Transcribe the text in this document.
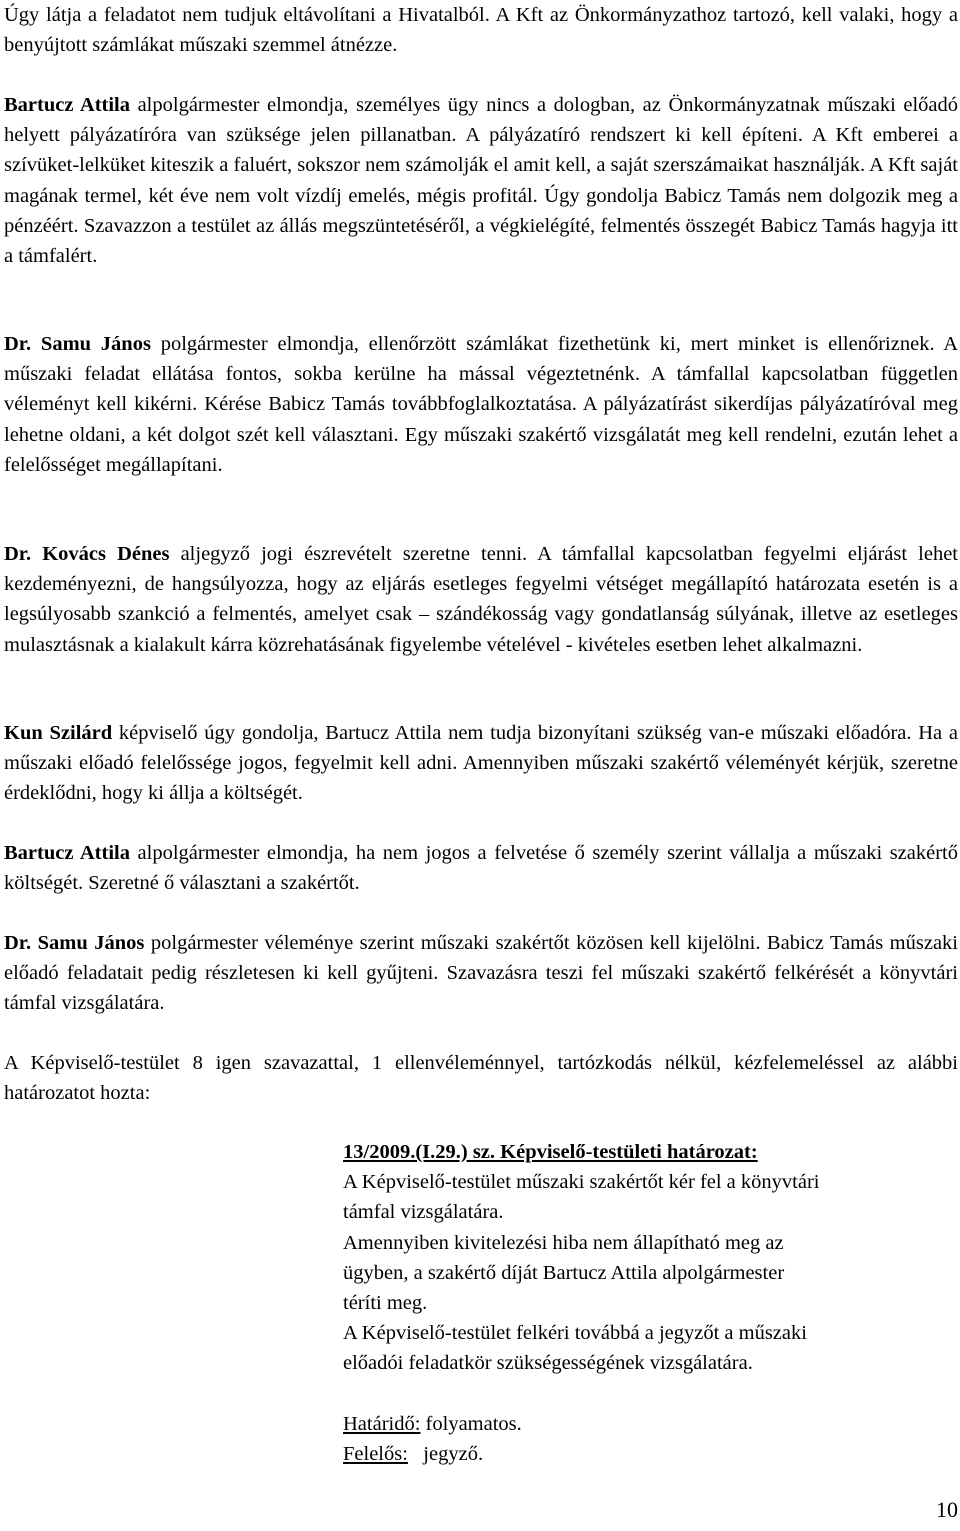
Úgy látja a feladatot nem tudjuk eltávolítani a Hivatalból. A Kft az Önkormányzathoz tartozó, kell valaki, hogy a benyújtott számlákat műszaki szemmel átnézze.

Bartucz Attila alpolgármester elmondja, személyes ügy nincs a dologban, az Önkormányzatnak műszaki előadó helyett pályázatíróra van szüksége jelen pillanatban. A pályázatíró rendszert ki kell építeni. A Kft emberei a szívüket-lelküket kiteszik a faluért, sokszor nem számolják el amit kell, a saját szerszámaikat használják. A Kft saját magának termel, két éve nem volt vízdíj emelés, mégis profitál. Úgy gondolja Babicz Tamás nem dolgozik meg a pénzéért. Szavazzon a testület az állás megszüntetéséről, a végkielégíté, felmentés összegét Babicz Tamás hagyja itt a támfalért.

Dr. Samu János polgármester elmondja, ellenőrzött számlákat fizethetünk ki, mert minket is ellenőriznek. A műszaki feladat ellátása fontos, sokba kerülne ha mással végeztetnénk. A támfallal kapcsolatban független véleményt kell kikérni. Kérése Babicz Tamás továbbfoglalkoztatása. A pályázatírást sikerdíjas pályázatíróval meg lehetne oldani, a két dolgot szét kell választani. Egy műszaki szakértő vizsgálatát meg kell rendelni, ezután lehet a felelősséget megállapítani.

Dr. Kovács Dénes aljegyző jogi észrevételt szeretne tenni. A támfallal kapcsolatban fegyelmi eljárást lehet kezdeményezni, de hangsúlyozza, hogy az eljárás esetleges fegyelmi vétséget megállapító határozata esetén is a legsúlyosabb szankció a felmentés, amelyet csak – szándékosság vagy gondatlanság súlyának, illetve az esetleges mulasztásnak a kialakult kárra közrehatásának figyelembe vételével - kivételes esetben lehet alkalmazni.

Kun Szilárd képviselő úgy gondolja, Bartucz Attila nem tudja bizonyítani szükség van-e műszaki előadóra. Ha a műszaki előadó felelőssége jogos, fegyelmit kell adni. Amennyiben műszaki szakértő véleményét kérjük, szeretne érdeklődni, hogy ki állja a költségét.

Bartucz Attila alpolgármester elmondja, ha nem jogos a felvetése ő személy szerint vállalja a műszaki szakértő költségét. Szeretné ő választani a szakértőt.

Dr. Samu János polgármester véleménye szerint műszaki szakértőt közösen kell kijelölni. Babicz Tamás műszaki előadó feladatait pedig részletesen ki kell gyűjteni. Szavazásra teszi fel műszaki szakértő felkérését a könyvtári támfal vizsgálatára.

A Képviselő-testület 8 igen szavazattal, 1 ellenvéleménnyel, tartózkodás nélkül, kézfelemeléssel az alábbi határozatot hozta:

13/2009.(I.29.) sz. Képviselő-testületi határozat:
A Képviselő-testület műszaki szakértőt kér fel a könyvtári
támfal vizsgálatára.
Amennyiben kivitelezési hiba nem állapítható meg az
ügyben, a szakértő díját Bartucz Attila alpolgármester
téríti meg.
A Képviselő-testület felkéri továbbá a jegyzőt a műszaki
előadói feladatkör szükségességének vizsgálatára.
Határidő: folyamatos.
Felelős:   jegyző.
10
